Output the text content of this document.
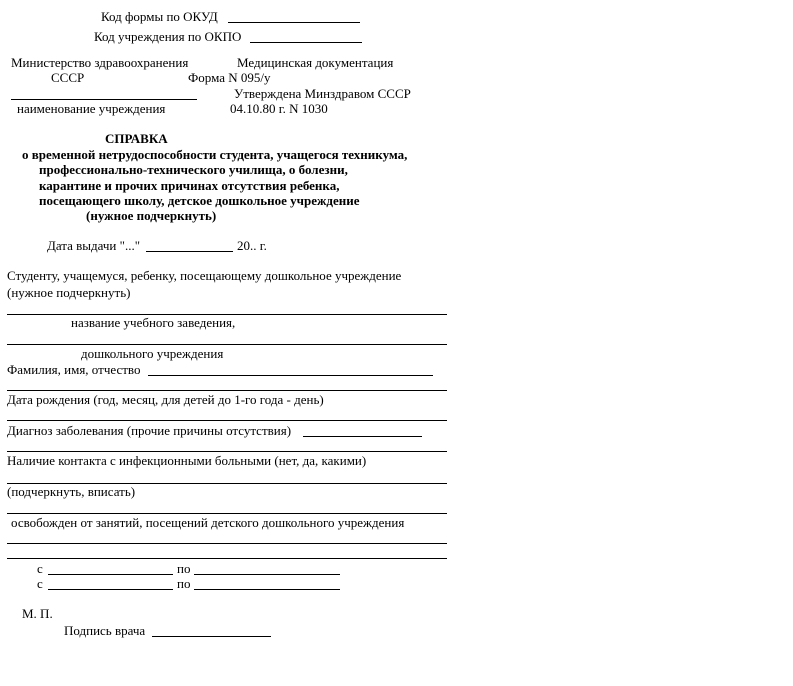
Код формы по ОКУД
Код учреждения по ОКПО
Министерство здравоохранения	Медицинская документация
СССР	Форма N 095/у
Утверждена Минздравом СССР
наименование учреждения	04.10.80 г. N 1030
СПРАВКА
о временной нетрудоспособности студента, учащегося техникума,
профессионально-технического училища, о болезни,
карантине и прочих причинах отсутствия ребенка,
посещающего школу, детское дошкольное учреждение
(нужное подчеркнуть)
Дата выдачи "..."	20.. г.
Студенту, учащемуся, ребенку, посещающему дошкольное учреждение
(нужное подчеркнуть)
название учебного заведения,
дошкольного учреждения
Фамилия, имя, отчество
Дата рождения (год, месяц, для детей до 1-го года - день)
Диагноз заболевания (прочие причины отсутствия)
Наличие контакта с инфекционными больными (нет, да, какими)
(подчеркнуть, вписать)
освобожден от занятий, посещений детского дошкольного учреждения
с	по
с	по
М. П.
Подпись врача
